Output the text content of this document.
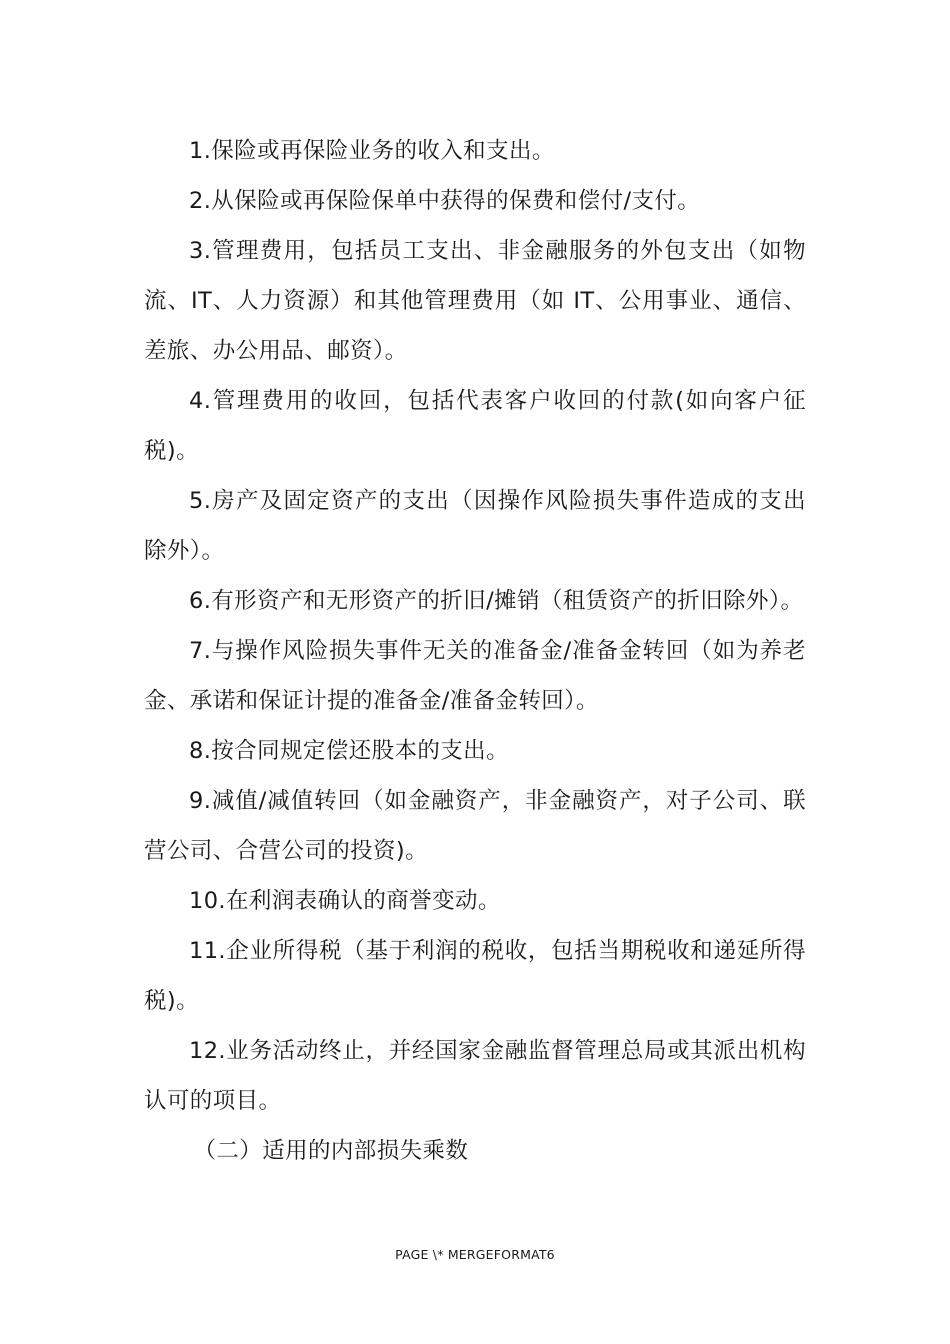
1.保险或再保险业务的收入和支出。

2.从保险或再保险保单中获得的保费和偿付/支付。

3.管理费用，包括员工支出、非金融服务的外包支出（如物流、IT、人力资源）和其他管理费用（如 IT、公用事业、通信、差旅、办公用品、邮资）。

4.管理费用的收回，包括代表客户收回的付款(如向客户征税)。

5.房产及固定资产的支出（因操作风险损失事件造成的支出除外）。

6.有形资产和无形资产的折旧/摊销（租赁资产的折旧除外）。

7.与操作风险损失事件无关的准备金/准备金转回（如为养老金、承诺和保证计提的准备金/准备金转回）。

8.按合同规定偿还股本的支出。

9.减值/减值转回（如金融资产，非金融资产，对子公司、联营公司、合营公司的投资)。

10.在利润表确认的商誉变动。

11.企业所得税（基于利润的税收，包括当期税收和递延所得税)。

12.业务活动终止，并经国家金融监督管理总局或其派出机构认可的项目。

（二）适用的内部损失乘数

PAGE \* MERGEFORMAT6
